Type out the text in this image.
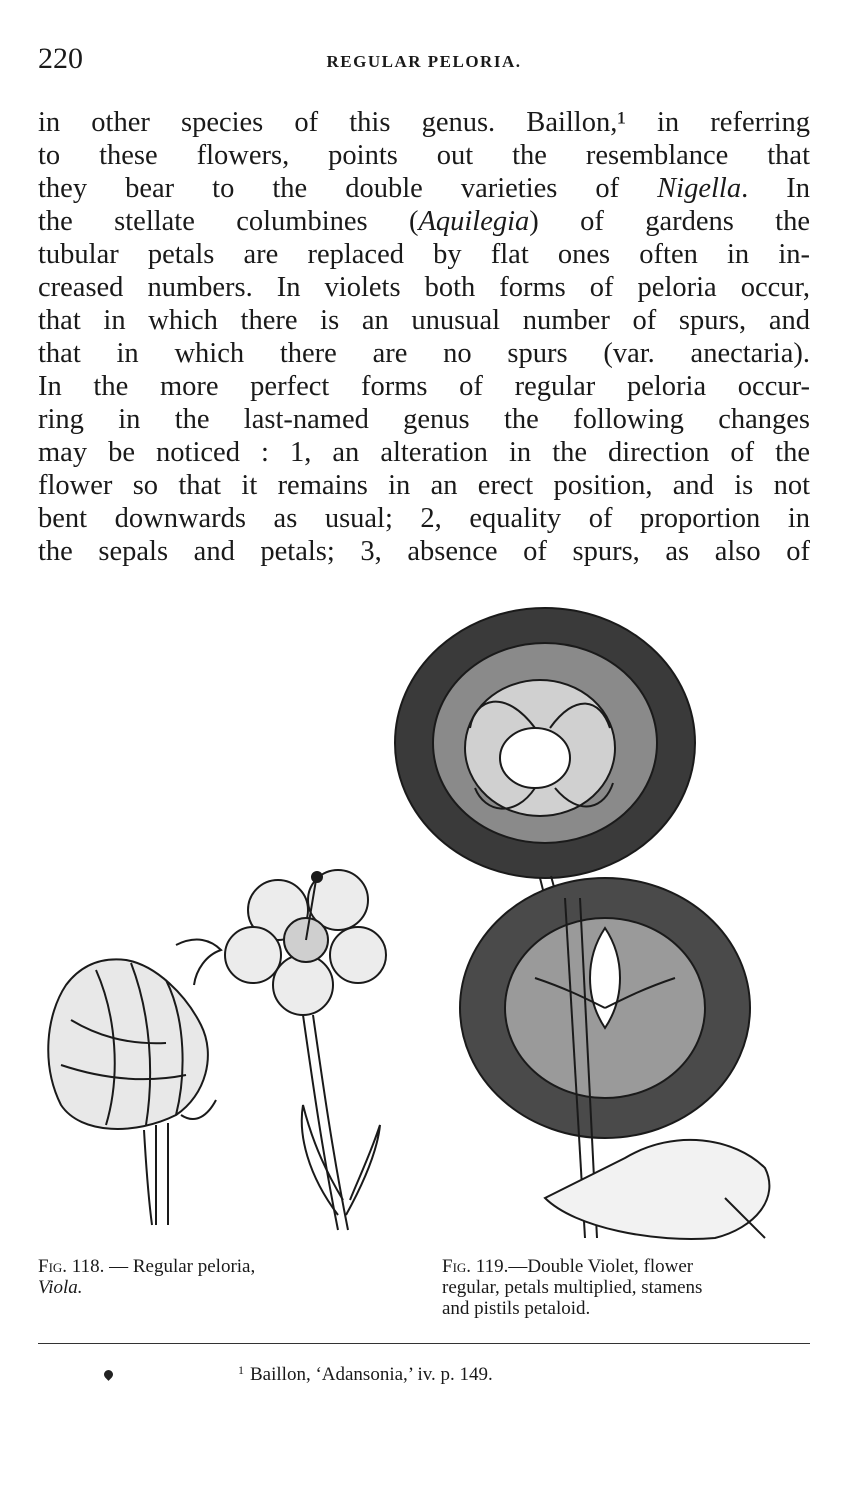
220	REGULAR PELORIA.
in other species of this genus. Baillon,¹ in referring
to these flowers, points out the resemblance that
they bear to the double varieties of Nigella. In
the stellate columbines (Aquilegia) of gardens the
tubular petals are replaced by flat ones often in in-
creased numbers. In violets both forms of peloria occur,
that in which there is an unusual number of spurs, and
that in which there are no spurs (var. anectaria).
In the more perfect forms of regular peloria occur-
ring in the last-named genus the following changes
may be noticed : 1, an alteration in the direction of the
flower so that it remains in an erect position, and is not
bent downwards as usual; 2, equality of proportion in
the sepals and petals; 3, absence of spurs, as also of
Fig. 118. — Regular peloria,
Viola.
Fig. 119.—Double Violet, flower
regular, petals multiplied, stamens
and pistils petaloid.
$^1$ Baillon, ‘Adansonia,’ iv. p. 149.
